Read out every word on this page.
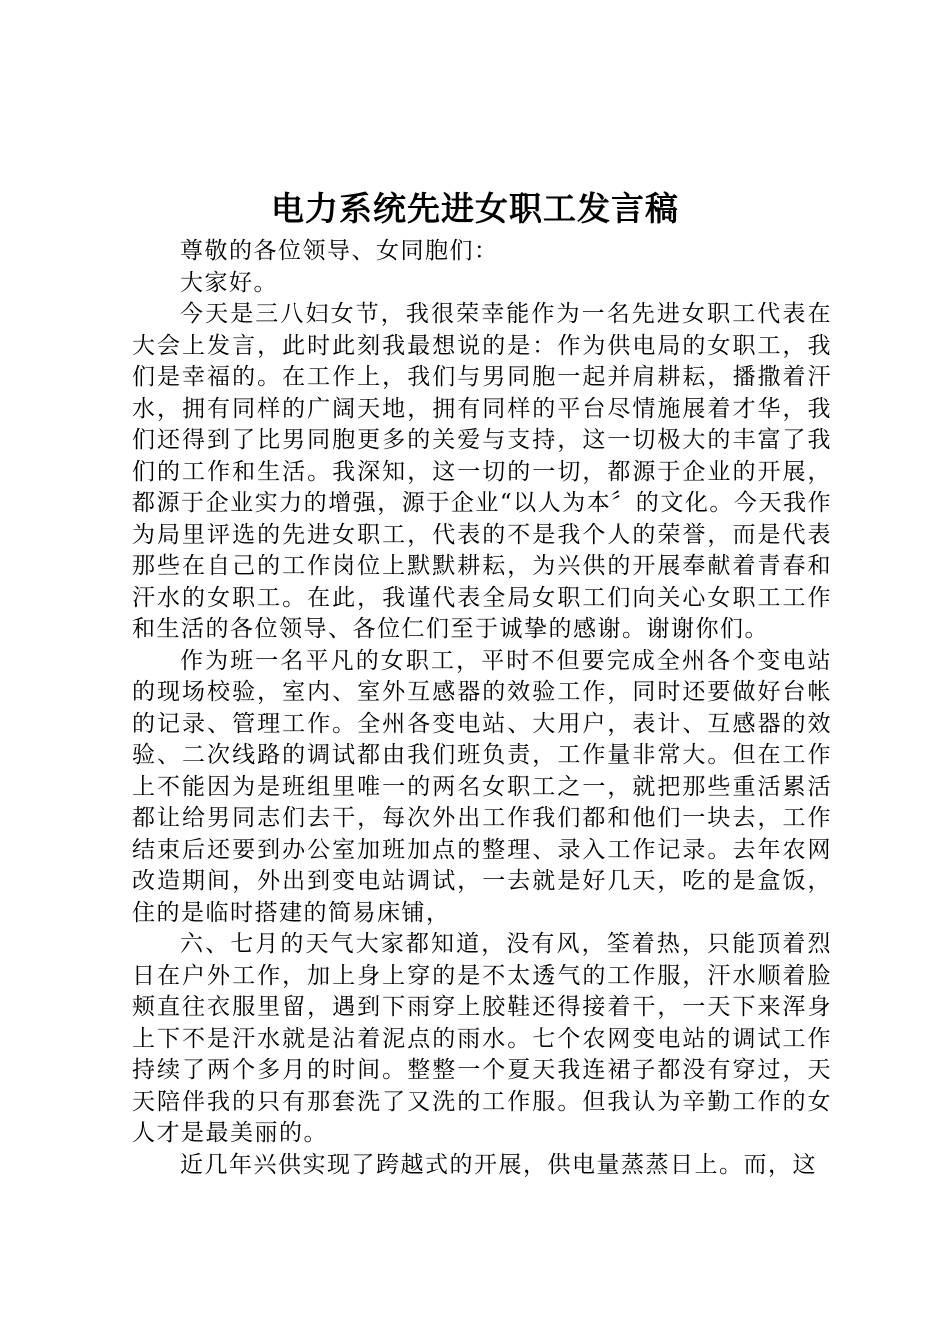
电力系统先进女职工发言稿

尊敬的各位领导、女同胞们：

大家好。

今天是三八妇女节，我很荣幸能作为一名先进女职工代表在大会上发言，此时此刻我最想说的是：作为供电局的女职工，我们是幸福的。在工作上，我们与男同胞一起并肩耕耘，播撒着汗水，拥有同样的广阔天地，拥有同样的平台尽情施展着才华，我们还得到了比男同胞更多的关爱与支持，这一切极大的丰富了我们的工作和生活。我深知，这一切的一切，都源于企业的开展，都源于企业实力的增强，源于企业“以人为本〞的文化。今天我作为局里评选的先进女职工，代表的不是我个人的荣誉，而是代表那些在自己的工作岗位上默默耕耘，为兴供的开展奉献着青春和汗水的女职工。在此，我谨代表全局女职工们向关心女职工工作和生活的各位领导、各位仁们至于诚挚的感谢。谢谢你们。

作为班一名平凡的女职工，平时不但要完成全州各个变电站的现场校验，室内、室外互感器的效验工作，同时还要做好台帐的记录、管理工作。全州各变电站、大用户，表计、互感器的效验、二次线路的调试都由我们班负责，工作量非常大。但在工作上不能因为是班组里唯一的两名女职工之一，就把那些重活累活都让给男同志们去干，每次外出工作我们都和他们一块去，工作结束后还要到办公室加班加点的整理、录入工作记录。去年农网改造期间，外出到变电站调试，一去就是好几天，吃的是盒饭，住的是临时搭建的简易床铺，

六、七月的天气大家都知道，没有风，筌着热，只能顶着烈日在户外工作，加上身上穿的是不太透气的工作服，汗水顺着脸颊直往衣服里留，遇到下雨穿上胶鞋还得接着干，一天下来浑身上下不是汗水就是沾着泥点的雨水。七个农网变电站的调试工作持续了两个多月的时间。整整一个夏天我连裙子都没有穿过，天天陪伴我的只有那套洗了又洗的工作服。但我认为辛勤工作的女人才是最美丽的。

近几年兴供实现了跨越式的开展，供电量蒸蒸日上。而，这
